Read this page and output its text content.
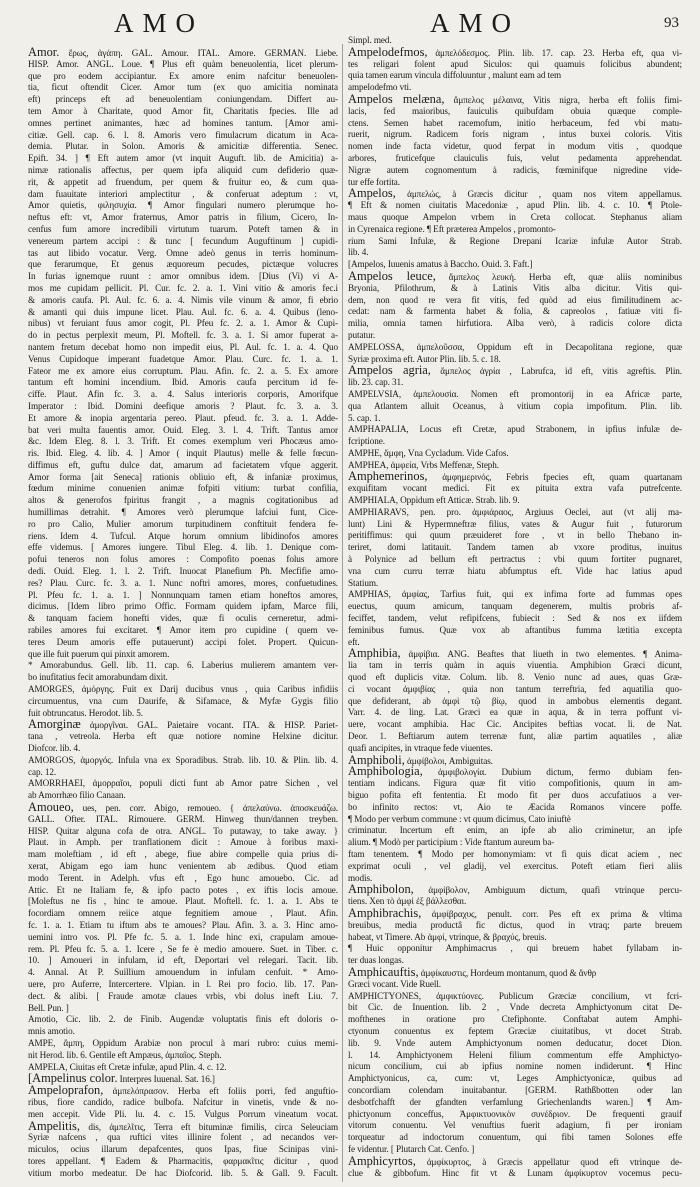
AMO	AMO	93
Amor. ἔρως, ἀγάπη. GAL. Amour. ITAL. Amore. GERMAN. Liebe.
HISP. Amor. ANGL. Loue. ¶ Plus eft quàm beneuolentia, licet plerum-
que pro eodem accipiantur. Ex amore enim nafcitur beneuolen-
tia, ficut oftendit Cicer. Amor tum (ex quo amicitia nominata
eft) princeps eft ad beneuolentiam coniungendam. Differt au-
tem Amor à Charitate, quod Amor fit, Charitatis fpecies. Ille ad
omnes pertinet animantes, hæc ad homines tantum. [Amor ami-
citiæ. Gell. cap. 6. l. 8. Amoris vero fimulacrum dicatum in Aca-
demia. Plutar. in Solon. Amoris & amicitiæ differentia. Senec.
Epift. 34. ] ¶ Eft autem amor (vt inquit Auguft. lib. de Amicitia) a-
nimæ rationalis affectus, per quem ipfa aliquid cum defiderio quæ-
rit, & appetit ad fruendum, per quem & fruitur eo, & cum qua-
dam fuauitate interiori amplectitur , & conferuat adeptum : vt,
Amor quietis, φιλησυχία. ¶ Amor fingulari numero plerumque ho-
neftus eft: vt, Amor fraternus, Amor patris in filium, Cicero, In-
cenfus fum amore incredibili virtutum tuarum. Poteft tamen & in
venereum partem accipi : & tunc [ fecundum Auguftinum ] cupidi-
tas aut libido vocatur. Verg. Omne adeò genus in terris hominum-
que ferarumque, Et genus æquoreum pecudes, pictæque volucres
In furias ignemque ruunt : amor omnibus idem. [Dius (Vi) vi A-
mos me cupidam pellicit. Pl. Cur. fc. 2. a. 1. Vini vitio & amoris fec.i
& amoris caufa. Pl. Aul. fc. 6. a. 4. Nimis vile vinum & amor, fi ebrio
& amanti qui duis impune licet. Plau. Aul. fc. 6. a. 4. Quibus (leno-
nibus) vt feruiant fuus amor cogit, Pl. Pfeu fc. 2. a. 1. Amor & Cupi-
do in pectus perplexit meum, Pl. Moftell. fc. 3. a. 1. Si amor fuperat a-
nantem fretum decebat homo non impedit eius, Pl. Aul. fc. 1. a. 4. Quo
Venus Cupidoque imperant fuadetque Amor. Plau. Curc. fc. 1. a. 1.
Fateor me ex amore eius corruptum. Plau. Afin. fc. 2. a. 5. Ex amore
tantum eft homini incendium. Ibid. Amoris caufa percitum id fe-
ciffe. Plaut. Afin fc. 3. a. 4. Salus interioris corporis, Amorifque
Imperator : Ibid. Domini deefique amoris ? Plaut. fc. 3. a. 3.
Et amore & inopia argentaria pereo. Plaut. pfeud. fc. 3. a. 1. Adde-
bat veri multa fauentis amor. Ouid. Eleg. 3. l. 4. Trift. Tantus amor
&c. Idem Eleg. 8. l. 3. Trift. Et comes exemplum veri Phocæus amo-
ris. Ibid. Eleg. 4. lib. 4. ] Amor ( inquit Plautus) melle & felle fœcun-
diffimus eft, guftu dulce dat, amarum ad facietatem vfque aggerit.
Amor forma [ait Seneca] rationis obliuio eft, & infaniæ proximus,
fœdum minime conuenien animæ fofpiti vitium: turbat confilia,
altos & generofos fpiritus frangit , a magnis cogitationibus ad
humillimas detrahit. ¶ Amores verò plerumque lafciui funt, Cice-
ro pro Calio, Mulier amorum turpitudinem conftituit fendera fe-
riens. Idem 4. Tufcul. Atque horum omnium libidinofos amores
effe videmus. [ Amores iungere. Tibul Eleg. 4. lib. 1. Denique com-
pofui teneros non folus amores : Compofito poenas folus amore
dedi. Ouid. Eleg. 1. l. 2. Trift. Inuocat Planefium Ph. Mecfifie amo-
res? Plau. Curc. fc. 3. a. 1. Nunc noftri amores, mores, confuetudines.
Pl. Pfeu fc. 1. a. 1. ] Nonnunquam tamen etiam honeftos amores,
dicimus. [Idem libro primo Offic. Formam quidem ipfam, Marce fili,
& tanquam faciem honefti vides, quæ fi oculis cerneretur, admi-
rabiles amores fui excitaret. ¶ Amor item pro cupidine ( quem ve-
teres Deum amoris effe putauerunt) accipi folet. Propert. Quicun-
que ille fuit puerum qui pinxit amorem.
* Amorabundus. Gell. lib. 11. cap. 6. Laberius mulierem amantem ver-
bo inufitatius fecit amorabundam dixit.
AMORGES, ἀμόργης. Fuit ex Darij ducibus vnus , quia Caribus infidiis
circumuentus, vna cum Daurife, & Sifamace, & Myfæ Gygis filio
fuit obtruncatus. Herodot. lib. 5.
Amorginæ ἀμοργῖναι. GAL. Paietaire vocant. ITA. & HISP. Pariet-
tana , vetreola. Herba eft quæ notiore nomine Helxine dicitur.
Diofcor. lib. 4.
AMORGOS, ἀμοργός. Infula vna ex Sporadibus. Strab. lib. 10. & Plin. lib. 4.
cap. 12.
AMORRHAEI, ἀμορραῖοι, populi dicti funt ab Amor patre Sichen , vel
ab Amorrhæo filio Canaan.
Amoueo, ues, pen. corr. Abigo, remoueo. { ἀπελαύνω. ἀποσκευάζω.
GALL. Ofter. ITAL. Rimouere. GERM. Hinweg thun/dannen treyben.
HISP. Quitar alguna cofa de otra. ANGL. To putaway, to take away. }
Plaut. in Amph. per tranflationem dicit : Amoue à foribus maxi-
mam moleftiam , id eft , abege, fiue abire compelle quia prius di-
xerat, Abigam ego iam hunc venientem ab ædibus. Quod etiam
modo Terent. in Adelph. vfus eft , Ego hunc amouebo. Cic. ad
Attic. Et ne Italiam fe, & ipfo pacto potes , ex iftis locis amoue.
[Moleftus ne fis , hinc te amoue. Plaut. Moftell. fc. 1. a. 1. Abs te
focordiam omnem reiice atque fegnitiem amoue , Plaut. Afin.
fc. 1. a. 1. Etiam tu iftum abs te amoues? Plau. Afin. 3. a. 3. Hinc amo-
uemini intro vos. Pl. Pfe fc. 5. a. 1. Inde hinc exi, crapulam amoue-
rem. Pl. Pfeu fc. 5. a. 1. Icere , Se fe è medio amouere. Suet. in Tiber. c.
10. ] Amoueri in infulam, id eft, Deportari vel relegari. Tacit. lib.
4. Annal. At P. Suillium amouendum in infulam cenfuit. * Amo-
uere, pro Auferre, Intercertere. Vlpian. in l. Rei pro focio. lib. 17. Pan-
dect. & alibi. [ Fraude amotæ claues vrbis, vbi dolus ineft Liu. 7.
Bell. Pun. ]
Amotio, Cic. lib. 2. de Finib. Augendæ voluptatis finis eft doloris o-
mnis amotio.
AMPE, ἄμπη, Oppidum Arabiæ non procul à mari rubro: cuius memi-
nit Herod. lib. 6. Gentile eft Ampæus, ἀμπαῖος. Steph.
AMPELA, Ciuitas eft Cretæ infulæ, apud Plin. 4. c. 12.
[Ampelinus color. Interpres Iuuenal. Sat. 16.]
Ampeloprafon, ἀμπελόπρασον. Herba eft foliis porri, fed anguftio-
ribus, fiore candido, radice bulbofa. Nafcitur in vinetis, vnde & no-
men accepit. Vide Pli. lu. 4. c. 15. Vulgus Porrum vineatum vocat.
Ampelitis, dis, ἀμπελῖτις, Terra eft bituminæ fimilis, circa Seleuciam
Syriæ nafcens , qua ruftici vites illinire folent , ad necandos ver-
miculos, ocius illarum depafcentes, quos Ipas, fiue Scinipas vini-
tores appellant. ¶ Eadem & Pharmacitis, φαρμακῖτις dicitur , quod
vitium morbo medeatur. De hac Diofcorid. lib. 5. & Gall. 9. Facult.
Simpl. med.
Ampelodefmos, ἀμπελόδεσμος. Plin. lib. 17. cap. 23. Herba eft, qua vi-
tes religari folent apud Siculos: qui quamuis folicibus abundent;
quia tamen earum vincula diffoluuntur , malunt eam ad tem
ampelodefmo vti.
Ampelos melæna, ἄμπελος μέλαινα, Vitis nigra, herba eft foliis fimi-
lacis, fed maioribus, fauiculis quibufdam obuia quæque comple-
ctens. Semen habet racemofum, initio herbaceum, fed vbi matu-
ruerit, nigrum. Radicem foris nigram , intus buxei coloris. Vitis
nomen inde facta videtur, quod ferpat in modum vitis , quodque
arbores, fruticefque clauiculis fuis, velut pedamenta apprehendat.
Nigræ autem cognomentum à radicis, fœminifque nigredine vide-
tur effe fortita.
Ampelos, ἀμπελώς, à Græcis dicitur , quam nos vitem appellamus.
¶ Eft & nomen ciuitatis Macedoniæ , apud Plin. lib. 4. c. 10. ¶ Ptole-
maus quoque Ampelon vrbem in Creta collocat. Stephanus aliam
in Cyrenaica regione. ¶ Eft præterea Ampelos , promonto-
rium Sami Infulæ, & Regione Drepani Icariæ infulæ Autor Strab.
lib. 4.
[Ampelos, Iuuenis amatus à Baccho. Ouid. 3. Faft.]
Ampelos leuce, ἄμπελος λευκή. Herba eft, quæ aliis nominibus
Bryonia, Pfilothrum, & à Latinis Vitis alba dicitur. Vitis qui-
dem, non quod re vera fit vitis, fed quòd ad eius fimilitudinem ac-
cedat: nam & farmenta habet & folia, & capreolos , fatiuæ viti fi-
milia, omnia tamen hirfutiora. Alba verò, à radicis colore dicta
putatur.
AMPELOSSA, ἀμπελοῦσσα, Oppidum eft in Decapolitana regione, quæ
Syriæ proxima eft. Autor Plin. lib. 5. c. 18.
Ampelos agria, ἄμπελος ἀγρία , Labrufca, id eft, vitis agreftis. Plin.
lib. 23. cap. 31.
AMPELVSIA, ἀμπελουσία. Nomen eft promontorij in ea Africæ parte,
qua Atlantem alluit Oceanus, à vitium copia impofitum. Plin. lib.
5. cap. 1.
AMPHAPALIA, Locus eft Cretæ, apud Strabonem, in ipfius infulæ de-
fcriptione.
AMPHE, ἄμφη, Vna Cycladum. Vide Cafos.
AMPHEA, ἀμφεία, Vrbs Meffenæ, Steph.
Amphemerinos, ἀμφημερινός, Febris fpecies eft, quam quartanam
exquifitam vocant medici. Fit ex pituita extra vafa putrefcente.
AMPHIALA, Oppidum eft Atticæ. Strab. lib. 9.
AMPHIARAVS, pen. pro. ἀμφιάραος, Argiuus Oeclei, aut (vt alij ma-
lunt) Lini & Hypermneftræ filius, vates & Augur fuit , futurorum
peritiffimus: qui quum præuideret fore , vt in bello Thebano in-
teriret, domi latitauit. Tandem tamen ab vxore proditus, inuitus
à Polynice ad bellum eft pertractus : vbi quum fortiter pugnaret,
vna cum curru terræ hiatu abfumptus eft. Vide hac latius apud
Statium.
AMPHIAS, ἀμφίας, Tarfius fuit, qui ex infima forte ad fummas opes
euectus, quum amicum, tanquam degenerem, multis probris af-
feciffet, tandem, velut refipifcens, fubiecit : Sed & nos ex iifdem
feminibus fumus. Quæ vox ab aftantibus fumma lætitia excepta
eft.
Amphibia, ἀμφίβια. ANG. Beaftes that liueth in two elementes. ¶ Anima-
lia tam in terris quàm in aquis viuentia. Amphibion Græci dicunt,
quod eft duplicis vitæ. Colum. lib. 8. Venio nunc ad aues, quas Græ-
ci vocant ἀμφιβίας , quia non tantum terreftria, fed aquatilia quo-
que defiderant, ab ἀμφὶ τῷ βίῳ, quod in ambobus elementis degant.
Varr. 4. de ling. Lat. Græci ea quæ in aqua, & in terra poffunt vi-
uere, vocant amphibia. Hac Cic. Ancipites beftias vocat. li. de Nat.
Deor. 1. Beftiarum autem terrenæ funt, aliæ partim aquatiles , aliæ
quafi ancipites, in vtraque fede viuentes.
Amphiboli, ἀμφίβολοι, Ambiguitas.
Amphibologia, ἀμφιβολογία. Dubium dictum, fermo dubiam fen-
tentiam indicans. Figura quæ fit vitio compofitionis, quum in am-
biguo pofita eft fententia. Et modo fit per duos accufatiuos a ver-
bo infinito rectos: vt, Aio te Æacida Romanos vincere poffe.
¶ Modo per verbum commune : vt quum dicimus, Cato iniuftè
criminatur. Incertum eft enim, an ipfe ab alio criminetur, an ipfe
alium. ¶ Modò per participium : Vide ftantum aureum ba-
ftam tenentem. ¶ Modo per homonymiam: vt fi quis dicat aciem , nec
exprimat oculi , vel gladij, vel exercitus. Poteft etiam fieri aliis
modis.
Amphibolon, ἀμφίβολον, Ambiguum dictum, quafi vtrinque percu-
tiens. Xen τὸ ἀμφὶ ἐξ βάλλεσθαι.
Amphibrachis, ἀμφίβραχυς, penult. corr. Pes eft ex prima & vltima
breuibus, media productâ fic dictus, quod in vtraq; parte breuem
habeat, vt Timere. Ab ἀμφί, vtrinque, & βραχύς, breuis.
¶ Huic opponitur Amphimacrus , qui breuem habet fyllabam in-
ter duas longas.
Amphicauftis, ἀμφίκαυστις, Hordeum montanum, quod & ἄνθρ
Græci vocant. Vide Ruell.
AMPHICTYONES, ἀμφικτύονες. Publicum Græciæ concilium, vt fcri-
bit Cic. de Inuention. lib. 2 , Vnde decreta Amphictyonum citat De-
mofthenes in oratione pro Ctefiphonte. Conftabat autem Amphi-
ctyonum conuentus ex feptem Græciæ ciuitatibus, vt docet Strab.
lib. 9. Vnde autem Amphictyonum nomen deducatur, docet Dion.
l. 14. Amphictyonem Heleni filium commentum effe Amphictyo-
nicum concilium, cui ab ipfius nomine nomen indiderunt. ¶ Hinc
Amphictyonicus, ca, cum: vt, Leges Amphictyonicæ, quibus ad
concordiam colendam inuitabantur. [GERM. Rathßbotten oder lan
desbotfchafft der gfandten verfamlung Griechenlandts waren.] ¶ Am-
phictyonum conceffus, Ἀμφικτυονικὸν συνέδριον. De frequenti grauif
vitorum conuentu. Vel venuftius fuerit adagium, fi per ironiam
torqueatur ad indoctorum conuentum, qui fibi tamen Solones effe
fe videntur. [ Plutarch Cat. Cenfo. ]
Amphicyrtos, ἀμφίκυρτος, à Græcis appellatur quod eft vtrinque de-
clue & gibbofum. Hinc fit vt & Lunam ἀμφίκυρτον vocemus pecu-
